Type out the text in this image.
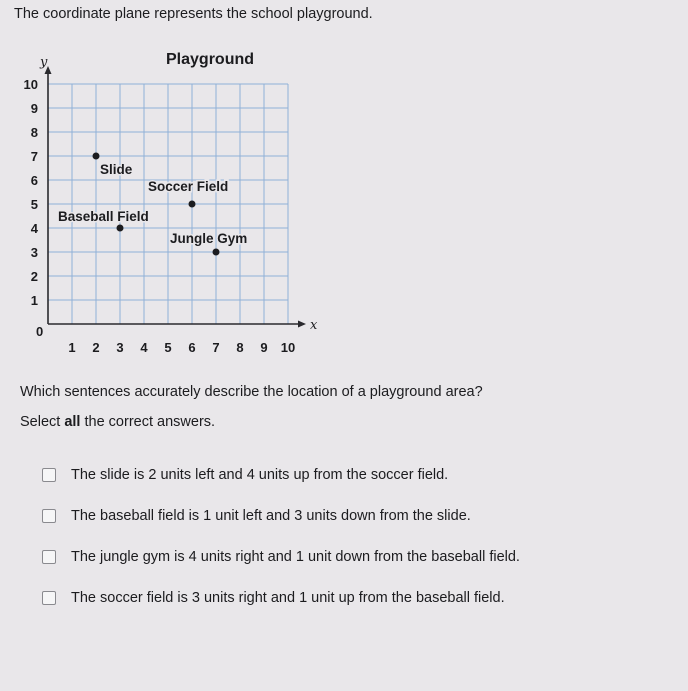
The coordinate plane represents the school playground.
x
y	Playground
0
1 2 3 4 5 6 7 8 9 10
1
2
3
4
5
6
7
8
9
10
Slide
Soccer Field
Baseball Field
Jungle Gym
Which sentences accurately describe the location of a playground area?
Select all the correct answers.
The slide is 2 units left and 4 units up from the soccer field.
The baseball field is 1 unit left and 3 units down from the slide.
The jungle gym is 4 units right and 1 unit down from the baseball field.
The soccer field is 3 units right and 1 unit up from the baseball field.
